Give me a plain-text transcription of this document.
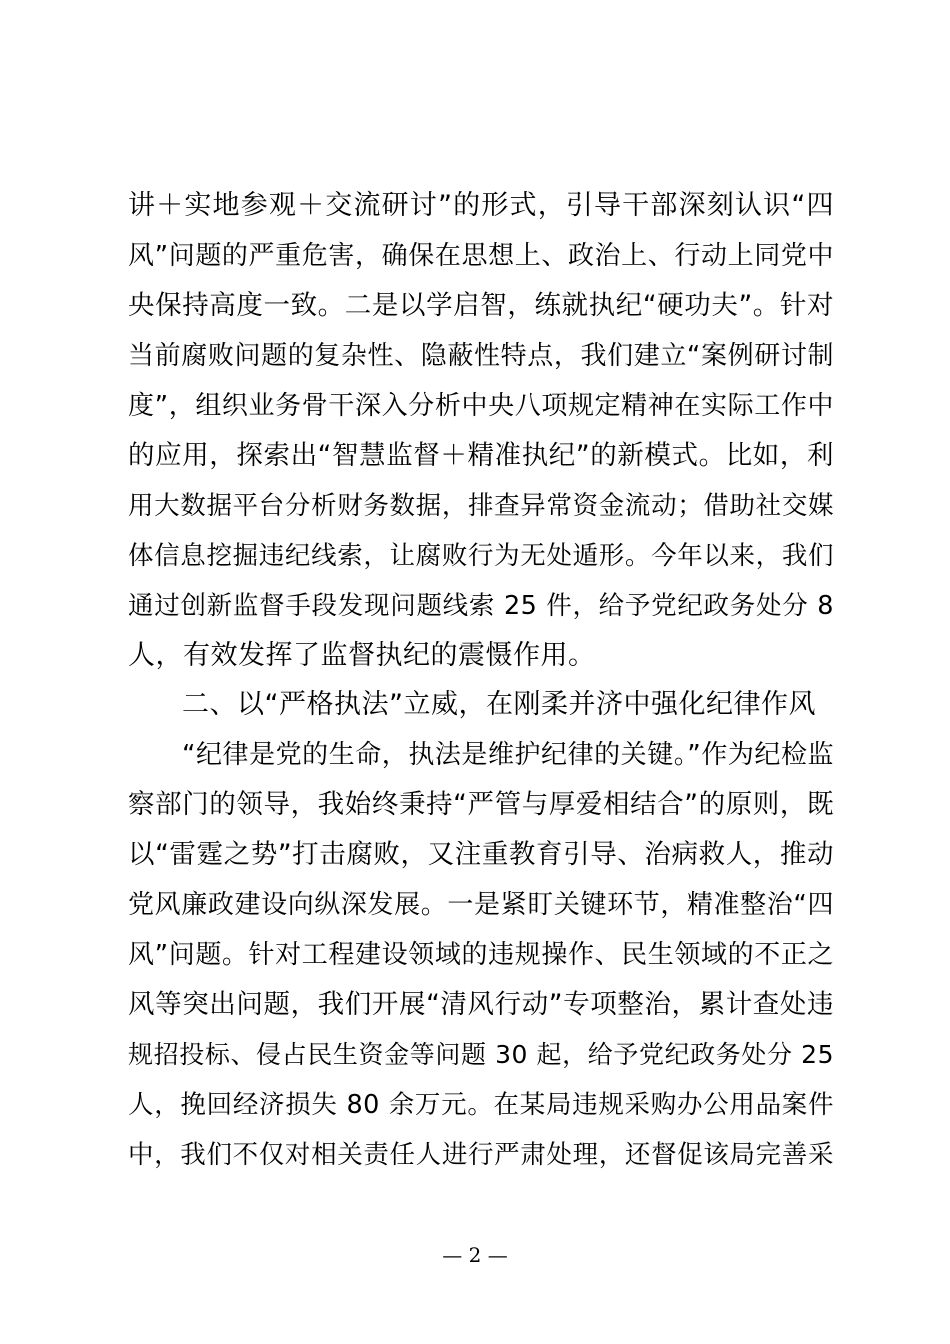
讲＋实地参观＋交流研讨”的形式，引导干部深刻认识“四
风”问题的严重危害，确保在思想上、政治上、行动上同党中
央保持高度一致。二是以学启智，练就执纪“硬功夫”。针对
当前腐败问题的复杂性、隐蔽性特点，我们建立“案例研讨制
度”，组织业务骨干深入分析中央八项规定精神在实际工作中
的应用，探索出“智慧监督＋精准执纪”的新模式。比如，利
用大数据平台分析财务数据，排查异常资金流动；借助社交媒
体信息挖掘违纪线索，让腐败行为无处遁形。今年以来，我们
通过创新监督手段发现问题线索 25 件，给予党纪政务处分 8
人，有效发挥了监督执纪的震慑作用。
二、以“严格执法”立威，在刚柔并济中强化纪律作风
“纪律是党的生命，执法是维护纪律的关键。”作为纪检监
察部门的领导，我始终秉持“严管与厚爱相结合”的原则，既
以“雷霆之势”打击腐败，又注重教育引导、治病救人，推动
党风廉政建设向纵深发展。一是紧盯关键环节，精准整治“四
风”问题。针对工程建设领域的违规操作、民生领域的不正之
风等突出问题，我们开展“清风行动”专项整治，累计查处违
规招投标、侵占民生资金等问题 30 起，给予党纪政务处分 25
人，挽回经济损失 80 余万元。在某局违规采购办公用品案件
中，我们不仅对相关责任人进行严肃处理，还督促该局完善采
— 2 —
